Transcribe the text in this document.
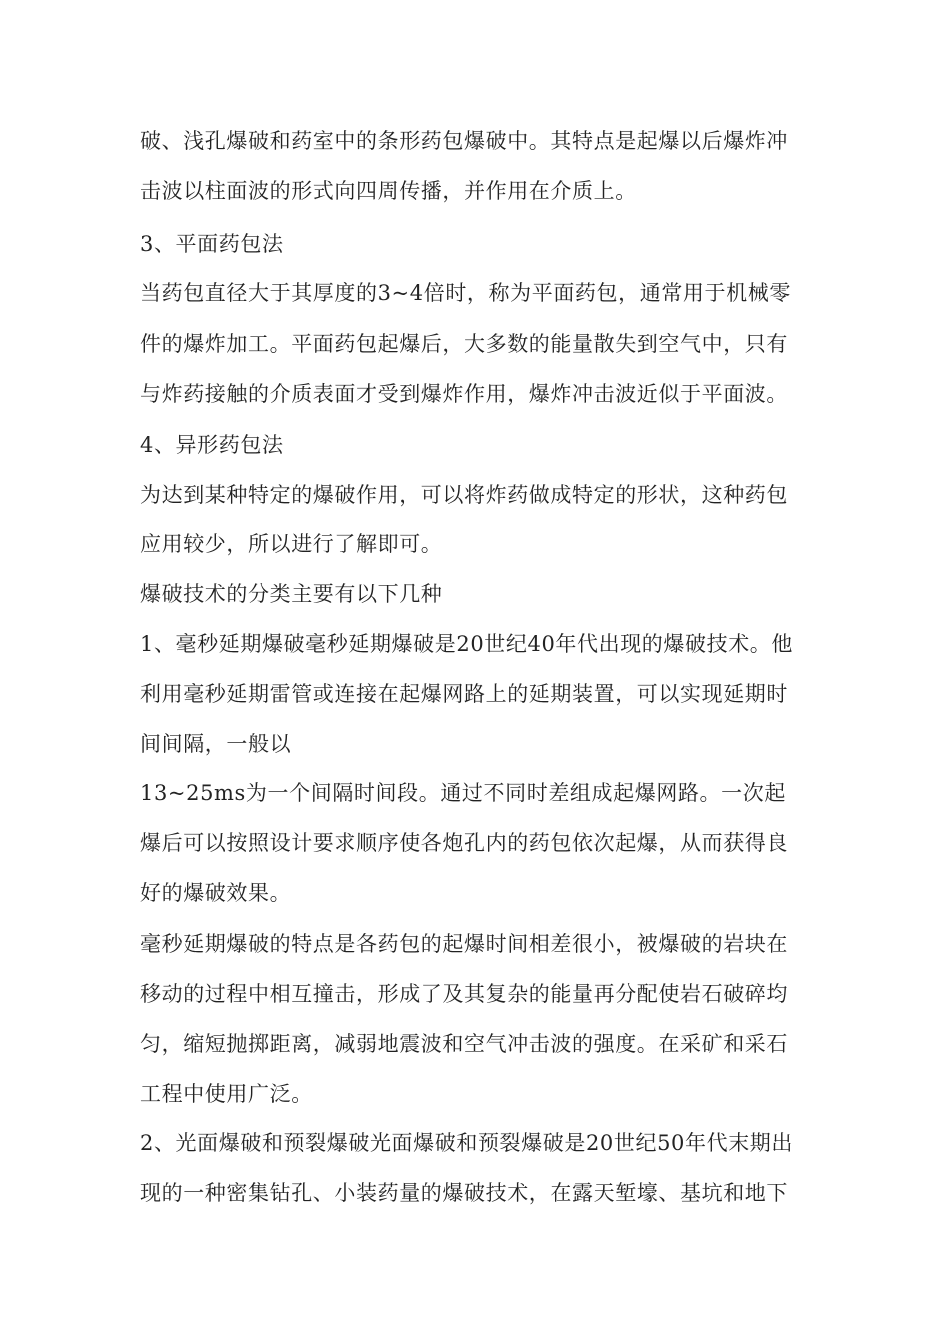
破、浅孔爆破和药室中的条形药包爆破中。其特点是起爆以后爆炸冲
击波以柱面波的形式向四周传播，并作用在介质上。
3、平面药包法
当药包直径大于其厚度的3~4倍时，称为平面药包，通常用于机械零
件的爆炸加工。平面药包起爆后，大多数的能量散失到空气中，只有
与炸药接触的介质表面才受到爆炸作用，爆炸冲击波近似于平面波。
4、异形药包法
为达到某种特定的爆破作用，可以将炸药做成特定的形状，这种药包
应用较少，所以进行了解即可。
爆破技术的分类主要有以下几种
1、毫秒延期爆破毫秒延期爆破是20世纪40年代出现的爆破技术。他
利用毫秒延期雷管或连接在起爆网路上的延期装置，可以实现延期时
间间隔，一般以
13~25ms为一个间隔时间段。通过不同时差组成起爆网路。一次起
爆后可以按照设计要求顺序使各炮孔内的药包依次起爆，从而获得良
好的爆破效果。
毫秒延期爆破的特点是各药包的起爆时间相差很小，被爆破的岩块在
移动的过程中相互撞击，形成了及其复杂的能量再分配使岩石破碎均
匀，缩短抛掷距离，减弱地震波和空气冲击波的强度。在采矿和采石
工程中使用广泛。
2、光面爆破和预裂爆破光面爆破和预裂爆破是20世纪50年代末期出
现的一种密集钻孔、小装药量的爆破技术，在露天堑壕、基坑和地下
